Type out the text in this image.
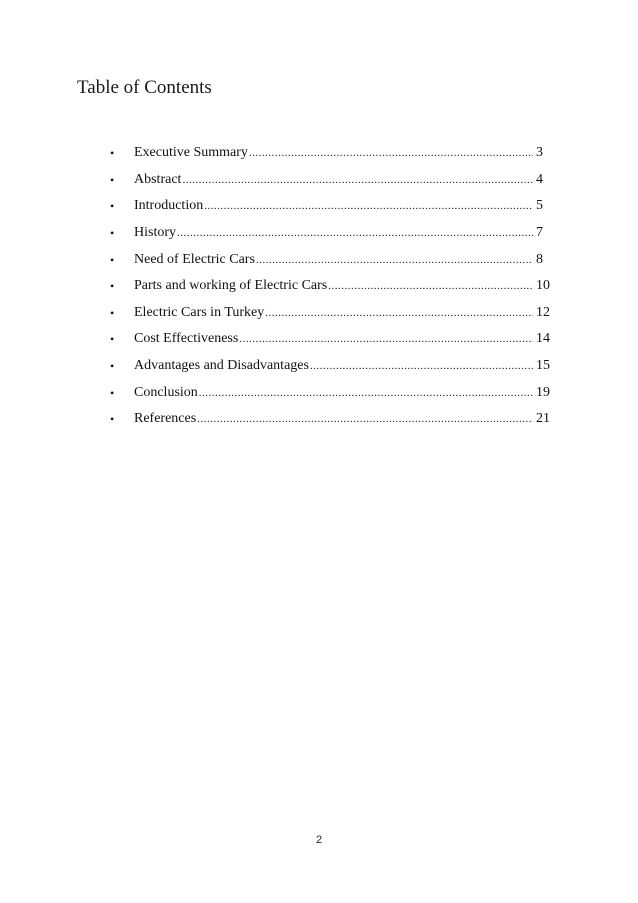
Table of Contents
•	Executive Summary .....	3
•	Abstract .....	4
•	Introduction .....	5
•	History .....	7
•	Need of Electric Cars .....	8
•	Parts and working of Electric Cars .....	10
•	Electric Cars in Turkey .....	12
•	Cost Effectiveness .....	14
•	Advantages and Disadvantages .....	15
•	Conclusion .....	19
•	References .....	21
2
